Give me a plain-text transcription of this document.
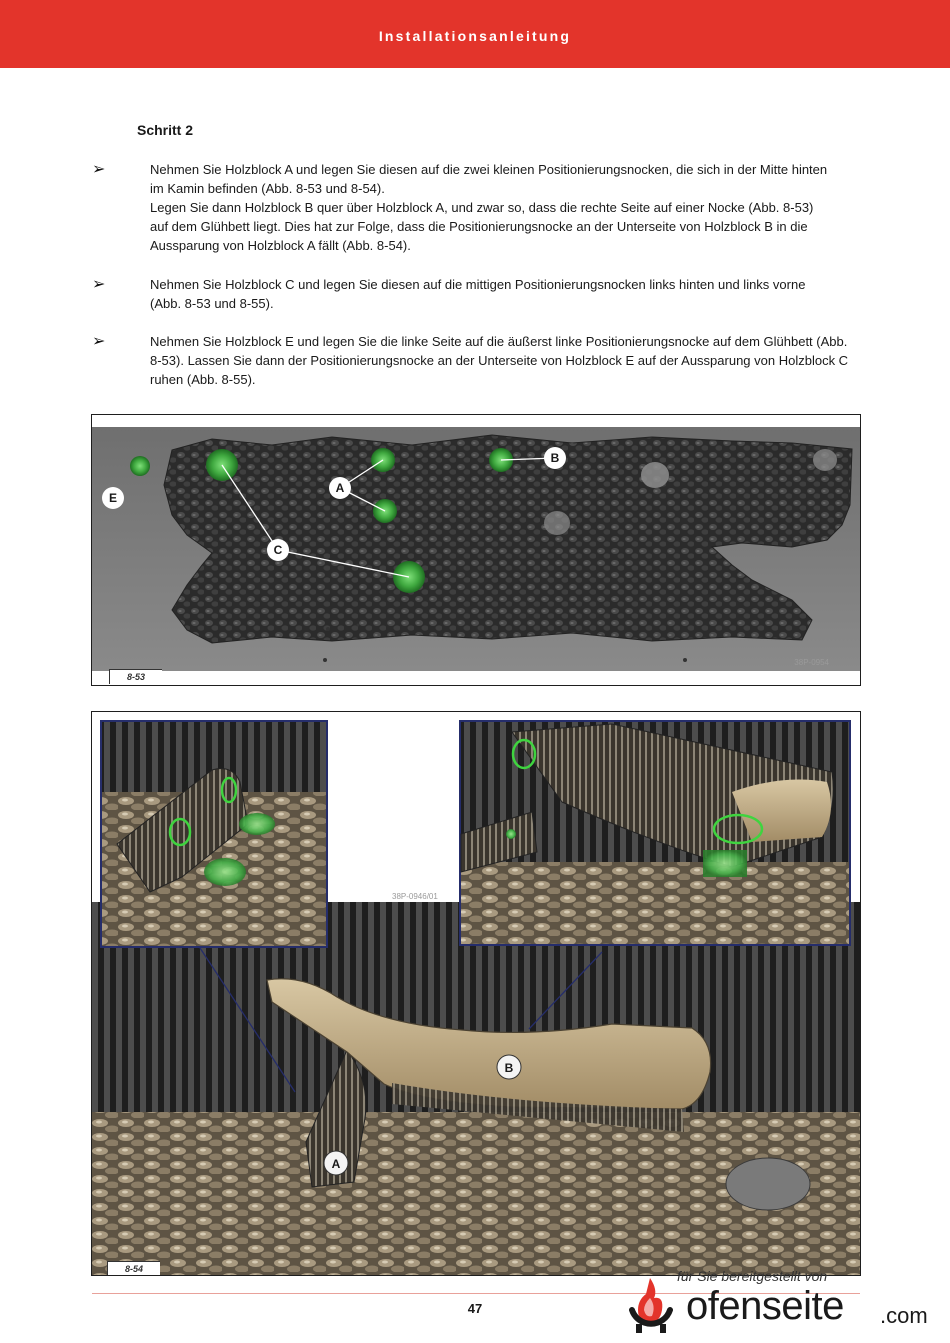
Installationsanleitung
Schritt 2
➢	Nehmen Sie Holzblock A und legen Sie diesen auf die zwei kleinen Positionierungsnocken, die sich in der Mitte hinten
im Kamin befinden (Abb. 8-53 und 8-54).
Legen Sie dann Holzblock B quer über Holzblock A, und zwar so, dass die rechte Seite auf einer Nocke (Abb. 8-53)
auf dem Glühbett liegt. Dies hat zur Folge, dass die Positionierungsnocke an der Unterseite von Holzblock B in die
Aussparung von Holzblock A fällt (Abb. 8-54).
➢	Nehmen Sie Holzblock C und legen Sie diesen auf die mittigen Positionierungsnocken links hinten und links vorne
(Abb. 8-53 und 8-55).
➢	Nehmen Sie Holzblock E und legen Sie die linke Seite auf die äußerst linke Positionierungsnocke auf dem Glühbett (Abb.
8-53). Lassen Sie dann der Positionierungsnocke an der Unterseite von Holzblock E auf der Aussparung von Holzblock C
ruhen (Abb. 8-55).
A
B
C
E
38P-0954
8-53
B
A
38P-0946/01
8-54
47
für Sie bereitgestellt von
ofenseite .com
